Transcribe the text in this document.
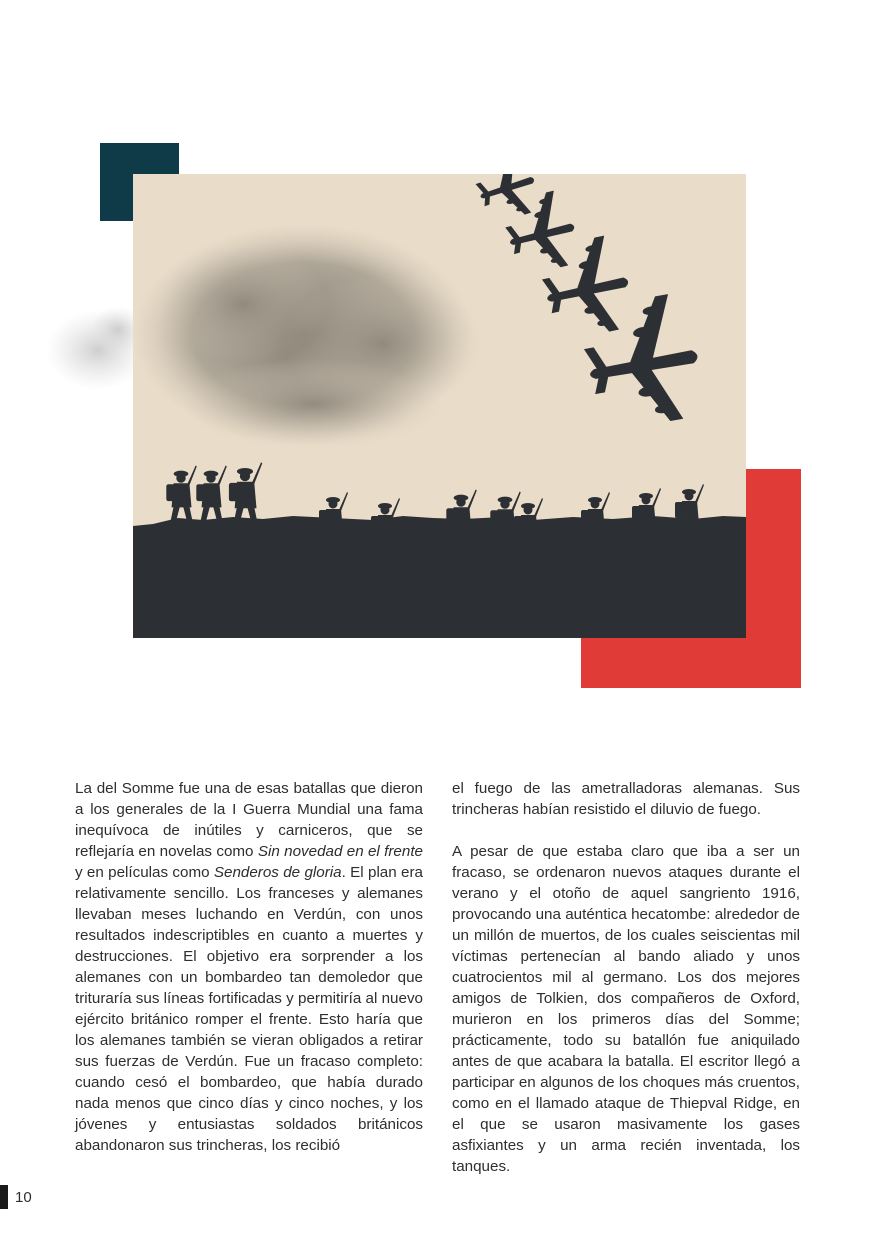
La del Somme fue una de esas batallas que dieron a los generales de la I Guerra Mundial una fama inequívoca de inútiles y carniceros, que se reflejaría en novelas como Sin novedad en el frente y en películas como Senderos de gloria. El plan era relativamente sencillo. Los franceses y alemanes llevaban meses luchando en Verdún, con unos resultados indescriptibles en cuanto a muertes y destrucciones. El objetivo era sorprender a los alemanes con un bombardeo tan demoledor que trituraría sus líneas fortificadas y permitiría al nuevo ejército británico romper el frente. Esto haría que los alemanes también se vieran obligados a retirar sus fuerzas de Verdún. Fue un fracaso completo: cuando cesó el bombardeo, que había durado nada menos que cinco días y cinco noches, y los jóvenes y entusiastas soldados británicos abandonaron sus trincheras, los recibió

el fuego de las ametralladoras alemanas. Sus trincheras habían resistido el diluvio de fuego.

A pesar de que estaba claro que iba a ser un fracaso, se ordenaron nuevos ataques durante el verano y el otoño de aquel sangriento 1916, provocando una auténtica hecatombe: alrededor de un millón de muertos, de los cuales seiscientas mil víctimas pertenecían al bando aliado y unos cuatrocientos mil al germano. Los dos mejores amigos de Tolkien, dos compañeros de Oxford, murieron en los primeros días del Somme; prácticamente, todo su batallón fue aniquilado antes de que acabara la batalla. El escritor llegó a participar en algunos de los choques más cruentos, como en el llamado ataque de Thiepval Ridge, en el que se usaron masivamente los gases asfixiantes y un arma recién inventada, los tanques.

10
